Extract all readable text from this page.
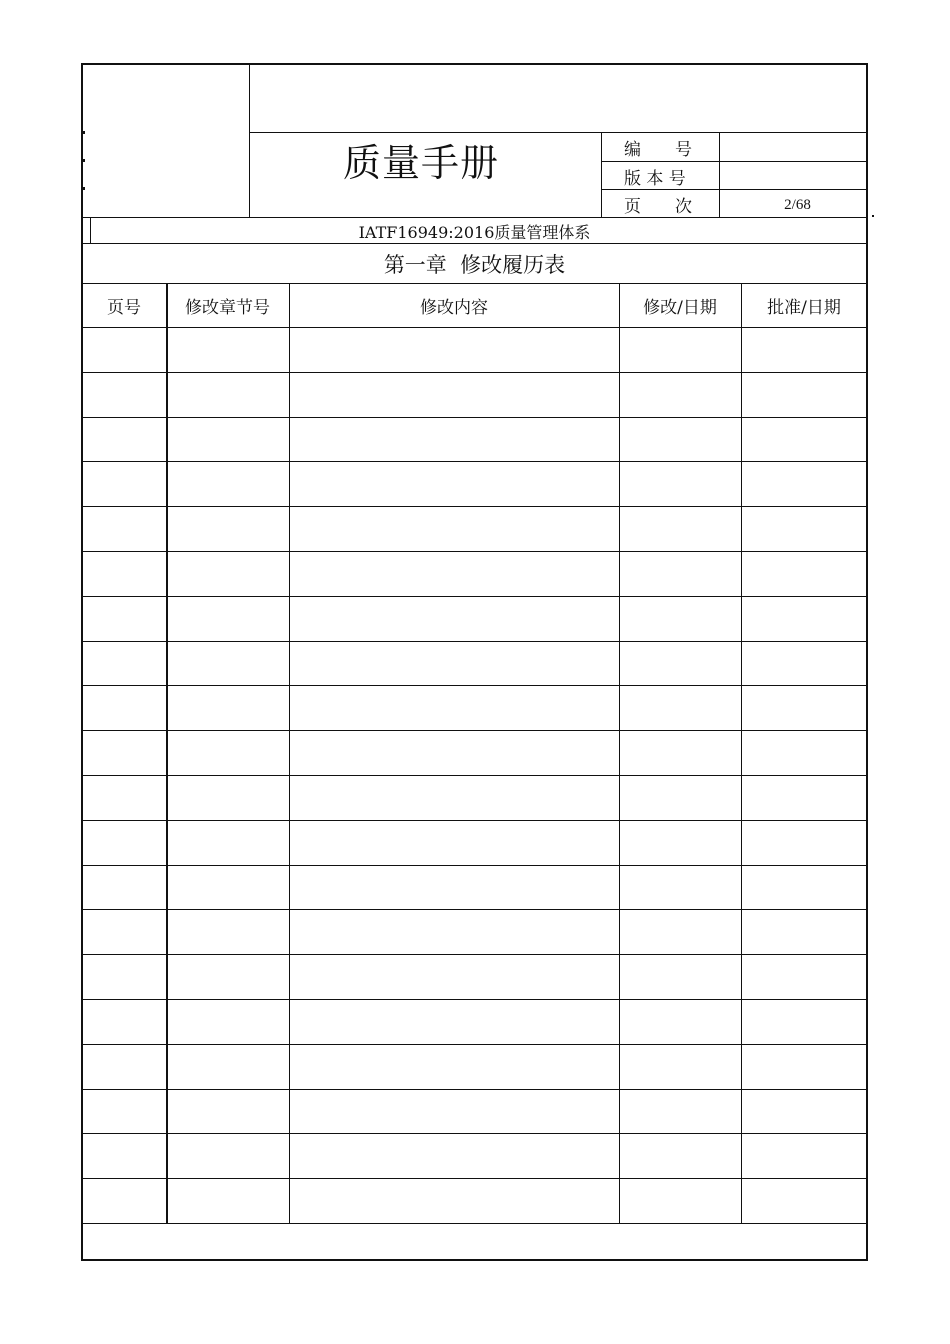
质量手册	编　　号
版 本 号
页　　次	2/68
IATF16949:2016质量管理体系
第一章  修改履历表
页号	修改章节号	修改内容	修改/日期	批准/日期
